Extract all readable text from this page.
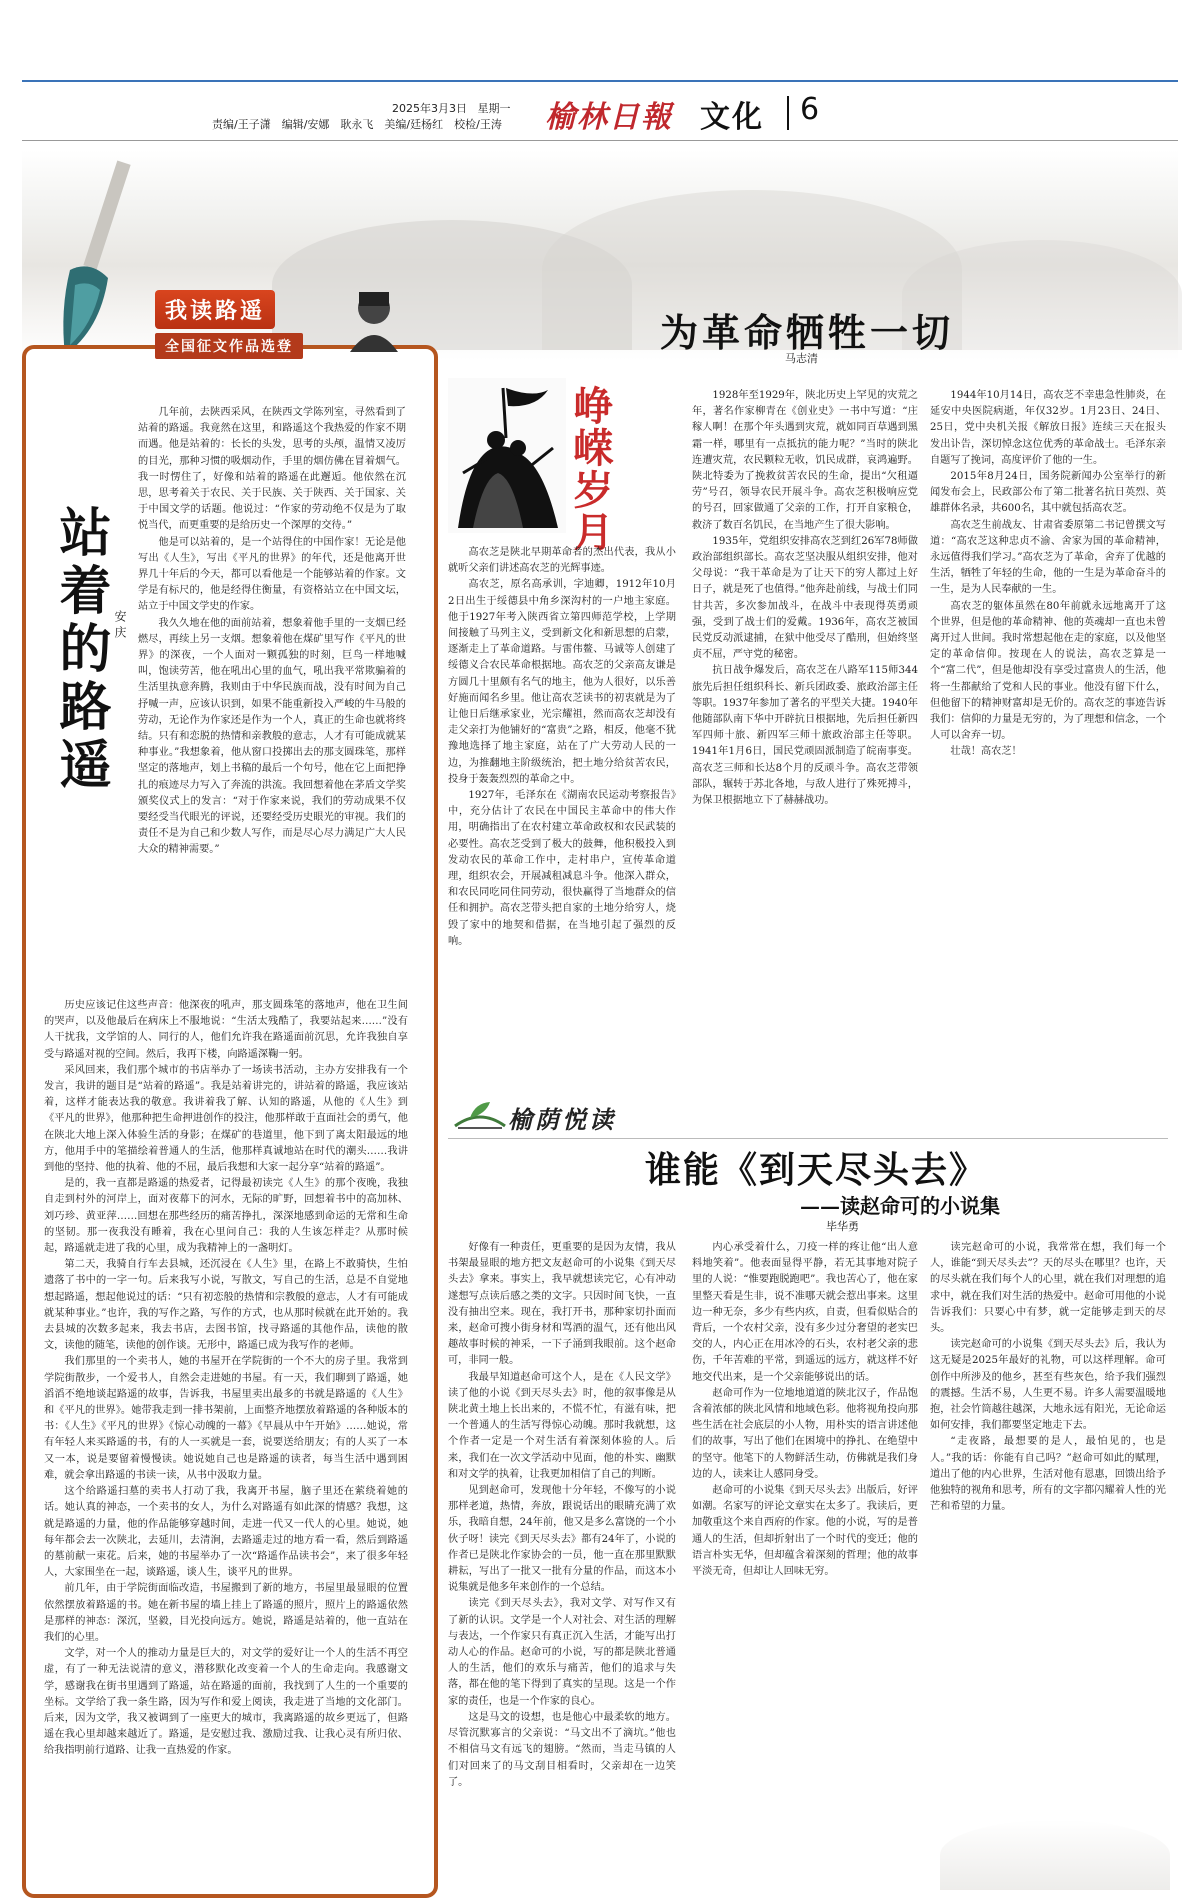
2025年3月3日 星期一
责编/王子潇　编辑/安娜　耿永飞　美编/廷杨红　校检/王涛 榆林日報 文化 6
我读路遥
全国征文作品选登
站着的路遥 安庆

几年前，去陕西采风，在陕西文学陈列室，寻然看到了站着的路遥。我竟然在这里，和路遥这个我热爱的作家不期而遇。他是站着的：长长的头发，思考的头颅，温情又凌厉的目光，那种习惯的吸烟动作，手里的烟仿佛在冒着烟气。我一时愣住了，好像和站着的路遥在此邂逅。他依然在沉思，思考着关于农民、关于民族、关于陕西、关于国家、关于中国文学的话题。他说过：“作家的劳动绝不仅是为了取悦当代，而更重要的是给历史一个深厚的交待。”

他是可以站着的，是一个站得住的中国作家！无论是他写出《人生》，写出《平凡的世界》的年代，还是他离开世界几十年后的今天，都可以看他是一个能够站着的作家。文学是有标尺的，他是经得住衡量，有资格站立在中国文坛，站立于中国文学史的作家。

我久久地在他的面前站着，想象着他手里的一支烟已经燃尽，再续上另一支烟。想象着他在煤矿里写作《平凡的世界》的深夜，一个人面对一颗孤独的时刻，巨鸟一样地喊叫，饱读劳苦，他在吼出心里的血气，吼出我平常欺骗着的生活里执意奔腾，我则由于中华民族而战，没有时间为自己抒喊一声，应该认识到，如果不能重新投入严峻的牛马般的劳动，无论作为作家还是作为一个人，真正的生命也就将终结。只有和恋脱的热情和亲教般的意志，人才有可能成就某种事业。”我想象着，他从窗口投掷出去的那支圆珠笔，那样坚定的落地声，划上书稿的最后一个句号，他在它上面把挣扎的痕迹尽力写入了奔流的洪流。我回想着他在茅盾文学奖颁奖仪式上的发言：“对于作家来说，我们的劳动成果不仅要经受当代眼光的评说，还要经受历史眼光的审视。我们的责任不是为自己和少数人写作，而是尽心尽力满足广大人民大众的精神需要。”

历史应该记住这些声音：他深夜的吼声，那支圆珠笔的落地声，他在卫生间的哭声，以及他最后在病床上不服地说：“生活太残酷了，我要站起来……”没有人干扰我，文学馆的人、同行的人，他们允许我在路遥面前沉思，允许我独自享受与路遥对视的空间。然后，我再下楼，向路遥深鞠一躬。

采风回来，我们那个城市的书店举办了一场读书活动，主办方安排我有一个发言，我讲的题目是“站着的路遥”。我是站着讲完的，讲站着的路遥，我应该站着，这样才能表达我的敬意。我讲着我了解、认知的路遥，从他的《人生》到《平凡的世界》，他那种把生命押进创作的投注，他那样敢于直面社会的勇气，他在陕北大地上深入体验生活的身影；在煤矿的巷道里，他下到了离太阳最远的地方，他用手中的笔描绘着普通人的生活，他那样真诚地站在时代的潮头……我讲到他的坚持、他的执着、他的不屈，最后我想和大家一起分享“站着的路遥”。

是的，我一直都是路遥的热爱者，记得最初读完《人生》的那个夜晚，我独自走到村外的河岸上，面对夜幕下的河水，无际的旷野，回想着书中的高加林、刘巧珍、黄亚萍……回想在那些经历的痛苦挣扎，深深地感到命运的无常和生命的坚韧。那一夜我没有睡着，我在心里问自己：我的人生该怎样走？从那时候起，路遥就走进了我的心里，成为我精神上的一盏明灯。

第二天，我骑自行车去县城，还沉浸在《人生》里，在路上不敢骑快，生怕遗落了书中的一字一句。后来我写小说，写散文，写自己的生活，总是不自觉地想起路遥，想起他说过的话：“只有初恋般的热情和宗教般的意志，人才有可能成就某种事业。”也许，我的写作之路，写作的方式，也从那时候就在此开始的。我去县城的次数多起来，我去书店，去图书馆，找寻路遥的其他作品，读他的散文，读他的随笔，读他的创作谈。无形中，路遥已成为我写作的老师。

我们那里的一个卖书人，她的书屋开在学院街的一个不大的房子里。我常到学院街散步，一个爱书人，自然会走进她的书屋。有一天，我们聊到了路遥，她滔滔不绝地谈起路遥的故事，告诉我，书屋里卖出最多的书就是路遥的《人生》和《平凡的世界》。她带我走到一排书架前，上面整齐地摆放着路遥的各种版本的书：《人生》《平凡的世界》《惊心动魄的一幕》《早晨从中午开始》……她说，常有年轻人来买路遥的书，有的人一买就是一套，说要送给朋友；有的人买了一本又一本，说是要留着慢慢读。她说她自己也是路遥的读者，每当生活中遇到困难，就会拿出路遥的书读一读，从书中汲取力量。

这个给路遥扫墓的卖书人打动了我，我离开书屋，脑子里还在萦绕着她的话。她认真的神态，一个卖书的女人，为什么对路遥有如此深的情感？我想，这就是路遥的力量，他的作品能够穿越时间，走进一代又一代人的心里。她说，她每年都会去一次陕北，去延川，去清涧，去路遥走过的地方看一看，然后到路遥的墓前献一束花。后来，她的书屋举办了一次“路遥作品读书会”，来了很多年轻人，大家围坐在一起，谈路遥，谈人生，谈平凡的世界。

前几年，由于学院街面临改造，书屋搬到了新的地方，书屋里最显眼的位置依然摆放着路遥的书。她在新书屋的墙上挂上了路遥的照片，照片上的路遥依然是那样的神态：深沉，坚毅，目光投向远方。她说，路遥是站着的，他一直站在我们的心里。

文学，对一个人的推动力量是巨大的，对文学的爱好让一个人的生活不再空虚，有了一种无法说清的意义，潜移默化改变着一个人的生命走向。我感谢文学，感谢我在街书里遇到了路遥，站在路遥的面前，我找到了人生的一个重要的坐标。文学给了我一条生路，因为写作和爱上阅读，我走进了当地的文化部门。后来，因为文学，我又被调到了一座更大的城市，我离路遥的故乡更远了，但路遥在我心里却越来越近了。路遥，是安慰过我、激励过我、让我心灵有所归依、给我指明前行道路、让我一直热爱的作家。

为革命牺牲一切
马志清
峥嵘岁月

高农芝是陕北早期革命者的杰出代表，我从小就听父亲们讲述高农芝的光辉事迹。

高农芝，原名高承训，字迪卿，1912年10月2日出生于绥德县中角乡深沟村的一户地主家庭。他于1927年考入陕西省立第四师范学校，上学期间接触了马列主义，受到新文化和新思想的启蒙，逐渐走上了革命道路。与雷伟鳌、马诚等人创建了绥德义合农民革命根据地。高农芝的父亲高友谦是方圆几十里颇有名气的地主，他为人很好，以乐善好施而闻名乡里。他让高农芝读书的初衷就是为了让他日后继承家业，光宗耀祖，然而高农芝却没有走父亲打为他铺好的“富贵”之路，相反，他毫不犹豫地选择了地主家庭，站在了广大劳动人民的一边，为推翻地主阶级统治，把土地分给贫苦农民，投身于轰轰烈烈的革命之中。

1927年，毛泽东在《湖南农民运动考察报告》中，充分估计了农民在中国民主革命中的伟大作用，明确指出了在农村建立革命政权和农民武装的必要性。高农芝受到了极大的鼓舞，他积极投入到发动农民的革命工作中，走村串户，宣传革命道理，组织农会，开展减租减息斗争。他深入群众，和农民同吃同住同劳动，很快赢得了当地群众的信任和拥护。高农芝带头把自家的土地分给穷人，烧毁了家中的地契和借据，在当地引起了强烈的反响。

1928年至1929年，陕北历史上罕见的灾荒之年，著名作家柳青在《创业史》一书中写道：“庄稼人啊！在那个年头遇到灾荒，就如同百草遇到黑霜一样，哪里有一点抵抗的能力呢？”当时的陕北连遭灾荒，农民颗粒无收，饥民成群，哀鸿遍野。陕北特委为了挽救贫苦农民的生命，提出“欠租逼劳”号召，领导农民开展斗争。高农芝积极响应党的号召，回家做通了父亲的工作，打开自家粮仓，救济了数百名饥民，在当地产生了很大影响。

1935年，党组织安排高农芝到红26军78师做政治部组织部长。高农芝坚决服从组织安排，他对父母说：“我干革命是为了让天下的穷人都过上好日子，就是死了也值得。”他奔赴前线，与战士们同甘共苦，多次参加战斗，在战斗中表现得英勇顽强，受到了战士们的爱戴。1936年，高农芝被国民党反动派逮捕，在狱中他受尽了酷刑，但始终坚贞不屈，严守党的秘密。

抗日战争爆发后，高农芝在八路军115师344旅先后担任组织科长、新兵团政委、旅政治部主任等职。1937年参加了著名的平型关大捷。1940年他随部队南下华中开辟抗日根据地，先后担任新四军四师十旅、新四军三师十旅政治部主任等职。1941年1月6日，国民党顽固派制造了皖南事变。高农芝三师和长达8个月的反顽斗争。高农芝带领部队，辗转于苏北各地，与敌人进行了殊死搏斗，为保卫根据地立下了赫赫战功。

1944年10月14日，高农芝不幸患急性肺炎，在延安中央医院病逝，年仅32岁。1月23日、24日、25日，党中央机关报《解放日报》连续三天在报头发出讣告，深切悼念这位优秀的革命战士。毛泽东亲自题写了挽词，高度评价了他的一生。

2015年8月24日，国务院新闻办公室举行的新闻发布会上，民政部公布了第二批著名抗日英烈、英雄群体名录，共600名，其中就包括高农芝。

高农芝生前战友、甘肃省委原第二书记曾撰文写道：“高农芝这种忠贞不渝、舍家为国的革命精神，永远值得我们学习。”高农芝为了革命，舍弃了优越的生活，牺牲了年轻的生命，他的一生是为革命奋斗的一生，是为人民奉献的一生。

高农芝的躯体虽然在80年前就永远地离开了这个世界，但是他的革命精神、他的英魂却一直也未曾离开过人世间。我时常想起他在走的家庭，以及他坚定的革命信仰。按现在人的说法，高农芝算是一个“富二代”，但是他却没有享受过富贵人的生活，他将一生都献给了党和人民的事业。他没有留下什么，但他留下的精神财富却是无价的。高农芝的事迹告诉我们：信仰的力量是无穷的，为了理想和信念，一个人可以舍弃一切。

壮哉！高农芝！

榆荫悦读
谁能《到天尽头去》
——读赵命可的小说集
毕华勇

好像有一种责任，更重要的是因为友情，我从书架最显眼的地方把文友赵命可的小说集《到天尽头去》拿来。事实上，我早就想读完它，心有冲动遂想写点读后感之类的文字。只因时间飞快，一直没有抽出空来。现在，我打开书，那种家切扑面而来，赵命可搜小街身材和骂酒的温气，还有他出风趣故事时候的神采，一下子涌到我眼前。这个赵命可，非同一般。

我最早知道赵命可这个人，是在《人民文学》读了他的小说《到天尽头去》时，他的叙事像是从陕北黄土地上长出来的，不慌不忙，有滋有味，把一个普通人的生活写得惊心动魄。那时我就想，这个作者一定是一个对生活有着深刻体验的人。后来，我们在一次文学活动中见面，他的朴实、幽默和对文学的执着，让我更加相信了自己的判断。

见到赵命可，发现他十分年轻，不像写的小说那样老道，热情，奔放，跟说话出的眼睛充满了欢乐，我暗自想，24年前，他又是多么富饶的一个小伙子呀！读完《到天尽头去》都有24年了，小说的作者已是陕北作家协会的一员，他一直在那里默默耕耘，写出了一批又一批有分量的作品，而这本小说集就是他多年来创作的一个总结。

读完《到天尽头去》，我对文学、对写作又有了新的认识。文学是一个人对社会、对生活的理解与表达，一个作家只有真正沉入生活，才能写出打动人心的作品。赵命可的小说，写的都是陕北普通人的生活，他们的欢乐与痛苦，他们的追求与失落，都在他的笔下得到了真实的呈现。这是一个作家的责任，也是一个作家的良心。

这是马文的设想，也是他心中最柔软的地方。尽管沉默寡言的父亲说：“马文出不了滴坑。”他也不相信马文有远飞的翅膀。“然而，当走马镇的人们对回来了的马文刮目相看时，父亲却在一边笑了。

内心承受着什么，刀疫一样的疼让他“出人意料地笑着”。他表面显得平静，若无其事地对院子里的人说：“惟要跑脱跑吧”。我也苦心了，他在家里整天看是生非，说不准哪天就会惹出事来。这里边一种无奈，多少有些内疚，自责，但看似贴合的背后，一个农村父亲，没有多少过分奢望的老实巴交的人，内心正在用冰冷的石头，农村老父亲的悲伤，千年苦难的平常，到遥远的远方，就这样不好地交代出来，是一个父亲能够说出的话。

赵命可作为一位地地道道的陕北汉子，作品饱含着浓郁的陕北风情和地域色彩。他将视角投向那些生活在社会底层的小人物，用朴实的语言讲述他们的故事，写出了他们在困境中的挣扎、在绝望中的坚守。他笔下的人物鲜活生动，仿佛就是我们身边的人，读来让人感同身受。

赵命可的小说集《到天尽头去》出版后，好评如潮。名家写的评论文章实在太多了。我读后，更加敬重这个来自西府的作家。他的小说，写的是普通人的生活，但却折射出了一个时代的变迁；他的语言朴实无华，但却蕴含着深刻的哲理；他的故事平淡无奇，但却让人回味无穷。

读完赵命可的小说，我常常在想，我们每一个人，谁能“到天尽头去”？天的尽头在哪里？也许，天的尽头就在我们每个人的心里，就在我们对理想的追求中，就在我们对生活的热爱中。赵命可用他的小说告诉我们：只要心中有梦，就一定能够走到天的尽头。

读完赵命可的小说集《到天尽头去》后，我认为这无疑是2025年最好的礼物，可以这样理解。命可创作中所涉及的他乡，甚至有些灰色，给予我们强烈的震撼。生活不易，人生更不易。许多人需要温暖地抱，社会竹筒越往越深，大地永远有阳光，无论命运如何安排，我们都要坚定地走下去。

“走夜路，最想要的是人，最怕见的，也是人。”我的话：你能有自己吗？”赵命可如此的赋理，道出了他的内心世界，生活对他有恩惠，回馈出给予他独特的视角和思考，所有的文字都闪耀着人性的光芒和希望的力量。
